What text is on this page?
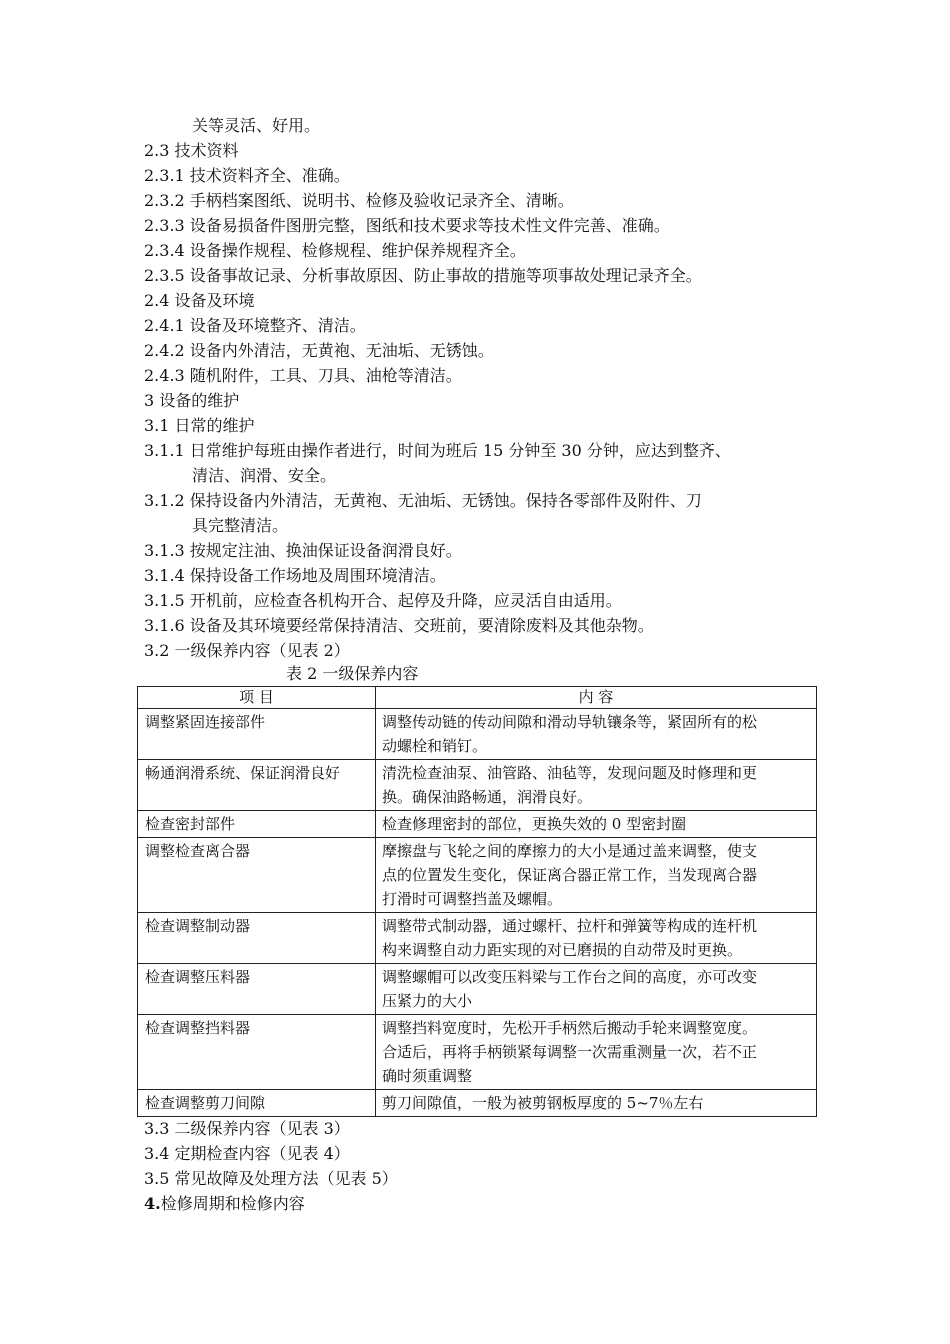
关等灵活、好用。
2.3 技术资料
2.3.1 技术资料齐全、准确。
2.3.2 手柄档案图纸、说明书、检修及验收记录齐全、清晰。
2.3.3 设备易损备件图册完整，图纸和技术要求等技术性文件完善、准确。
2.3.4 设备操作规程、检修规程、维护保养规程齐全。
2.3.5 设备事故记录、分析事故原因、防止事故的措施等项事故处理记录齐全。
2.4 设备及环境
2.4.1 设备及环境整齐、清洁。
2.4.2 设备内外清洁，无黄袍、无油垢、无锈蚀。
2.4.3 随机附件，工具、刀具、油枪等清洁。
3 设备的维护
3.1 日常的维护
3.1.1 日常维护每班由操作者进行，时间为班后 15 分钟至 30 分钟，应达到整齐、
清洁、润滑、安全。
3.1.2 保持设备内外清洁，无黄袍、无油垢、无锈蚀。保持各零部件及附件、刀
具完整清洁。
3.1.3 按规定注油、换油保证设备润滑良好。
3.1.4 保持设备工作场地及周围环境清洁。
3.1.5 开机前，应检查各机构开合、起停及升降，应灵活自由适用。
3.1.6 设备及其环境要经常保持清洁、交班前，要清除废料及其他杂物。
3.2 一级保养内容（见表 2）
表 2 一级保养内容
项 目	内 容
调整紧固连接部件	调整传动链的传动间隙和滑动导轨镶条等，紧固所有的松
动螺栓和销钉。

畅通润滑系统、保证润滑良好	清洗检查油泵、油管路、油毡等，发现问题及时修理和更
换。确保油路畅通，润滑良好。

检查密封部件	检查修理密封的部位，更换失效的 0 型密封圈

调整检查离合器	摩擦盘与飞轮之间的摩擦力的大小是通过盖来调整，使支
点的位置发生变化，保证离合器正常工作，当发现离合器
打滑时可调整挡盖及螺帽。

检查调整制动器	调整带式制动器，通过螺杆、拉杆和弹簧等构成的连杆机
构来调整自动力距实现的对已磨损的自动带及时更换。

检查调整压料器	调整螺帽可以改变压料梁与工作台之间的高度，亦可改变
压紧力的大小

检查调整挡料器	调整挡料宽度时，先松开手柄然后搬动手轮来调整宽度。
合适后，再将手柄锁紧每调整一次需重测量一次，若不正
确时须重调整

检查调整剪刀间隙	剪刀间隙值，一般为被剪钢板厚度的 5~7％左右
3.3 二级保养内容（见表 3）
3.4 定期检查内容（见表 4）
3.5 常见故障及处理方法（见表 5）
4.检修周期和检修内容
